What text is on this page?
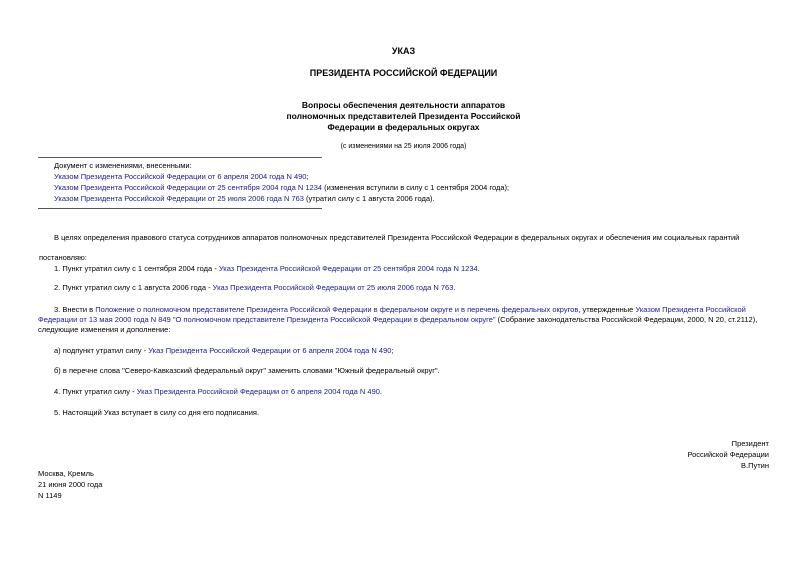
УКАЗ
ПРЕЗИДЕНТА РОССИЙСКОЙ ФЕДЕРАЦИИ
Вопросы обеспечения деятельности аппаратов
полномочных представителей Президента Российской
Федерации в федеральных округах
(с изменениями на 25 июля 2006 года)
Документ с изменениями, внесенными:
Указом Президента Российской Федерации от 6 апреля 2004 года N 490;
Указом Президента Российской Федерации от 25 сентября 2004 года N 1234 (изменения вступили в силу с 1 сентября 2004 года);
Указом Президента Российской Федерации от 25 июля 2006 года N 763 (утратил силу с 1 августа 2006 года).
В целях определения правового статуса сотрудников аппаратов полномочных представителей Президента Российской Федерации в федеральных округах и обеспечения им социальных гарантий
постановляю:
1. Пункт утратил силу с 1 сентября 2004 года - Указ Президента Российской Федерации от 25 сентября 2004 года N 1234.
2. Пункт утратил силу с 1 августа 2006 года - Указ Президента Российской Федерации от 25 июля 2006 года N 763.
3. Внести в Положение о полномочном представителе Президента Российской Федерации в федеральном округе и в перечень федеральных округов, утвержденные Указом Президента Российской Федерации от 13 мая 2000 года N 849 "О полномочном представителе Президента Российской Федерации в федеральном округе" (Собрание законодательства Российской Федерации, 2000, N 20, ст.2112), следующие изменения и дополнение:
а) подпункт утратил силу - Указ Президента Российской Федерации от 6 апреля 2004 года N 490;
б) в перечне слова "Северо-Кавказский федеральный округ" заменить словами "Южный федеральный округ".
4. Пункт утратил силу - Указ Президента Российской Федерации от 6 апреля 2004 года N 490.
5. Настоящий Указ вступает в силу со дня его подписания.
Президент
Российской Федерации
В.Путин
Москва, Кремль
21 июня 2000 года
N 1149
